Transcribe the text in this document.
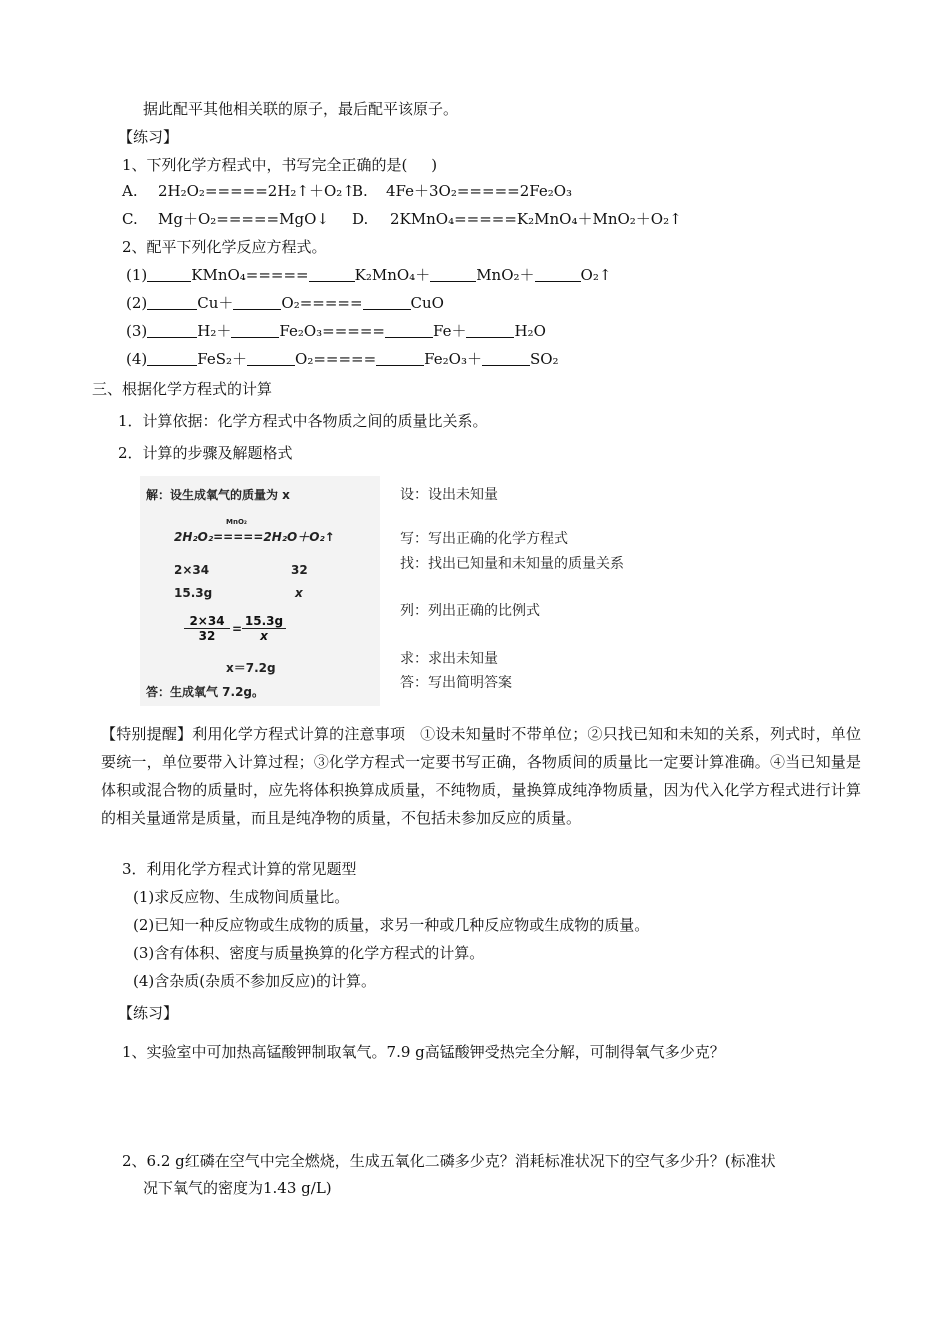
据此配平其他相关联的原子，最后配平该原子。
【练习】
1、下列化学方程式中，书写完全正确的是(     )
A. 2H₂O₂=====2H₂↑＋O₂↑
B. 4Fe＋3O₂=====2Fe₂O₃
C. Mg＋O₂=====MgO↓ D. 2KMnO₄=====K₂MnO₄＋MnO₂＋O₂↑
2、配平下列化学反应方程式。
(1)	KMnO₄=====	K₂MnO₄＋	MnO₂＋	O₂↑
(2)	Cu＋	O₂=====	CuO
(3)	H₂＋	Fe₂O₃=====	Fe＋	H₂O
(4)	FeS₂＋	O₂=====	Fe₂O₃＋	SO₂
三、根据化学方程式的计算
1．计算依据：化学方程式中各物质之间的质量比关系。
2．计算的步骤及解题格式
解：设生成氧气的质量为 x
MnO₂
2H₂O₂=====2H₂O＋O₂↑
2×34	32
15.3g	x
$\frac{2\times 34}{32} = \frac{15.3g}{x}$
x＝7.2g
答：生成氧气 7.2g。
设：设出未知量
写：写出正确的化学方程式
找：找出已知量和未知量的质量关系
列：列出正确的比例式
求：求出未知量
答：写出简明答案
【特别提醒】利用化学方程式计算的注意事项   ①设未知量时不带单位；②只找已知和未知的关系，列式时，单位要统一，单位要带入计算过程；③化学方程式一定要书写正确，各物质间的质量比一定要计算准确。④当已知量是体积或混合物的质量时，应先将体积换算成质量，不纯物质，量换算成纯净物质量，因为代入化学方程式进行计算的相关量通常是质量，而且是纯净物的质量，不包括未参加反应的质量。
3．利用化学方程式计算的常见题型
(1)求反应物、生成物间质量比。
(2)已知一种反应物或生成物的质量，求另一种或几种反应物或生成物的质量。
(3)含有体积、密度与质量换算的化学方程式的计算。
(4)含杂质(杂质不参加反应)的计算。
【练习】
1、实验室中可加热高锰酸钾制取氧气。7.9 g高锰酸钾受热完全分解，可制得氧气多少克？
2、6.2 g红磷在空气中完全燃烧，生成五氧化二磷多少克？消耗标准状况下的空气多少升？(标准状
况下氧气的密度为1.43 g/L)
